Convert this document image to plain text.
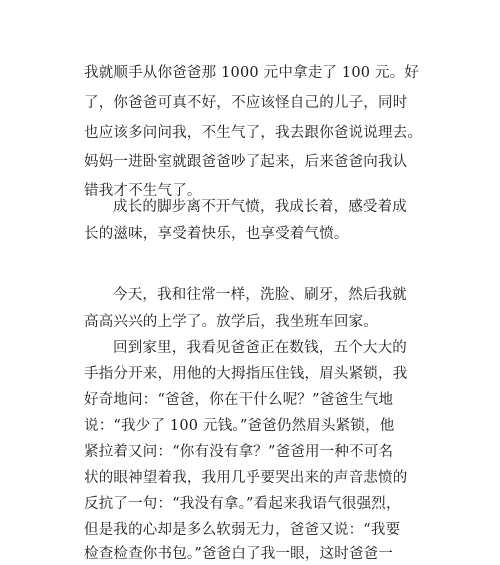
我就顺手从你爸爸那 1000 元中拿走了 100 元。好
了，你爸爸可真不好，不应该怪自己的儿子，同时
也应该多问问我，不生气了，我去跟你爸说说理去。
妈妈一进卧室就跟爸爸吵了起来，后来爸爸向我认
错我才不生气了。
成长的脚步离不开气愤，我成长着，感受着成
长的滋味，享受着快乐，也享受着气愤。
今天，我和往常一样，洗脸、刷牙，然后我就
高高兴兴的上学了。放学后，我坐班车回家。
回到家里，我看见爸爸正在数钱，五个大大的
手指分开来，用他的大拇指压住钱，眉头紧锁，我
好奇地问：“爸爸，你在干什么呢？”爸爸生气地
说：“我少了 100 元钱。”爸爸仍然眉头紧锁，他
紧拉着又问：“你有没有拿？”爸爸用一种不可名
状的眼神望着我，我用几乎要哭出来的声音悲愤的
反抗了一句：“我没有拿。”看起来我语气很强烈，
但是我的心却是多么软弱无力，爸爸又说：“我要
检查检查你书包。”爸爸白了我一眼，这时爸爸一
